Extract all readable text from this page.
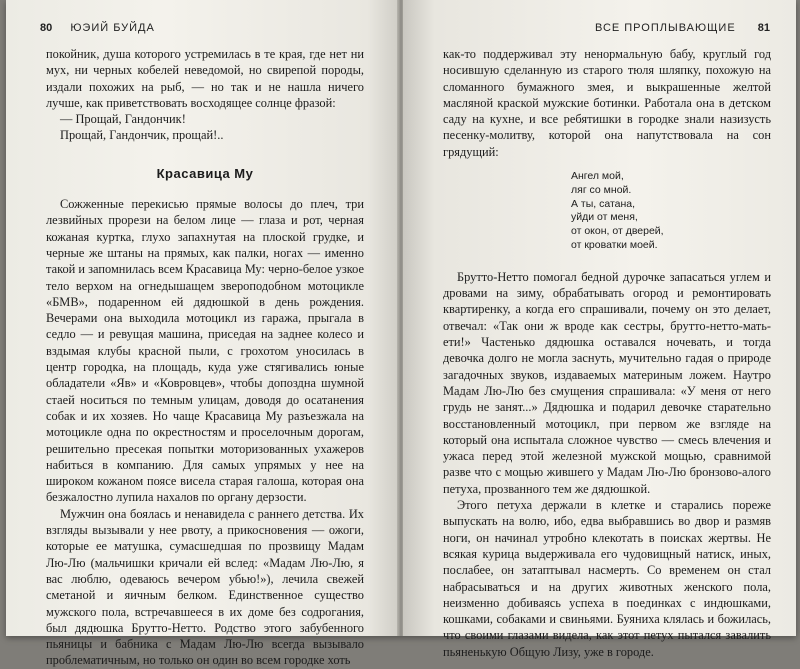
80 ЮЭИЙ БУЙДА

покойник, душа которого устремилась в те края, где нет ни мух, ни черных кобелей неведомой, но свирепой породы, издали похожих на рыб, — но так и не нашла ничего лучше, как приветствовать восходящее солнце фразой:

— Прощай, Гандончик!

Прощай, Гандончик, прощай!..

Красавица Му

Сожженные перекисью прямые волосы до плеч, три лезвийных прорези на белом лице — глаза и рот, черная кожаная куртка, глухо запахнутая на плоской грудке, и черные же штаны на прямых, как палки, ногах — именно такой и запомнилась всем Красавица Му: черно-белое узкое тело верхом на огнедышащем звероподобном мотоцикле «БМВ», подаренном ей дядюшкой в день рождения. Вечерами она выходила мотоцикл из гаража, прыгала в седло — и ревущая машина, приседая на заднее колесо и вздымая клубы красной пыли, с грохотом уносилась в центр городка, на площадь, куда уже стягивались юные обладатели «Яв» и «Ковровцев», чтобы допоздна шумной стаей носиться по темным улицам, доводя до осатанения собак и их хозяев. Но чаще Красавица Му разъезжала на мотоцикле одна по окрестностям и проселочным дорогам, решительно пресекая попытки моторизованных ухажеров набиться в компанию. Для самых упрямых у нее на широком кожаном поясе висела старая галоша, которая она безжалостно лупила нахалов по органу дерзости.

Мужчин она боялась и ненавидела с раннего детства. Их взгляды вызывали у нее рвоту, а прикосновения — ожоги, которые ее матушка, сумасшедшая по прозвищу Мадам Лю-Лю (мальчишки кричали ей вслед: «Мадам Лю-Лю, я вас люблю, одеваюсь вечером убью!»), лечила свежей сметаной и яичным белком. Единственное существо мужского пола, встречавшееся в их доме без содрогания, был дядюшка Брутто-Нетто. Родство этого забубенного пьяницы и бабника с Мадам Лю-Лю всегда вызывало проблематичным, но только он один во всем городке хоть

ВСЕ ПРОПЛЫВАЮЩИЕ 81

как-то поддерживал эту ненормальную бабу, круглый год носившую сделанную из старого тюля шляпку, похожую на сломанного бумажного змея, и выкрашенные желтой масляной краской мужские ботинки. Работала она в детском саду на кухне, и все ребятишки в городке знали назизусть песенку-молитву, которой она напутствовала на сон грядущий:

Ангел мой,
ляг со мной.
А ты, сатана,
уйди от меня,
от окон, от дверей,
от кроватки моей.

Брутто-Нетто помогал бедной дурочке запасаться углем и дровами на зиму, обрабатывать огород и ремонтировать квартиренку, а когда его спрашивали, почему он это делает, отвечал: «Так они ж вроде как сестры, брутто-нетто-мать-ети!» Частенько дядюшка оставался ночевать, и тогда девочка долго не могла заснуть, мучительно гадая о природе загадочных звуков, издаваемых материным ложем. Наутро Мадам Лю-Лю без смущения спрашивала: «У меня от него грудь не занят...» Дядюшка и подарил девочке старательно восстановленный мотоцикл, при первом же взгляде на который она испытала сложное чувство — смесь влечения и ужаса перед этой железной мужской мощью, сравнимой разве что с мощью жившего у Мадам Лю-Лю бронзово-алого петуха, прозванного тем же дядюшкой.

Этого петуха держали в клетке и старались пореже выпускать на волю, ибо, едва выбравшись во двор и размяв ноги, он начинал утробно клекотать в поисках жертвы. Не всякая курица выдерживала его чудовищный натиск, иных, послабее, он затаптывал насмерть. Со временем он стал набрасываться и на других животных женского пола, неизменно добиваясь успеха в поединках с индюшками, кошками, собаками и свиньями. Буяниха клялась и божилась, что своими глазами видела, как этот петух пытался завалить пьяненькую Общую Лизу, уже в городе.
